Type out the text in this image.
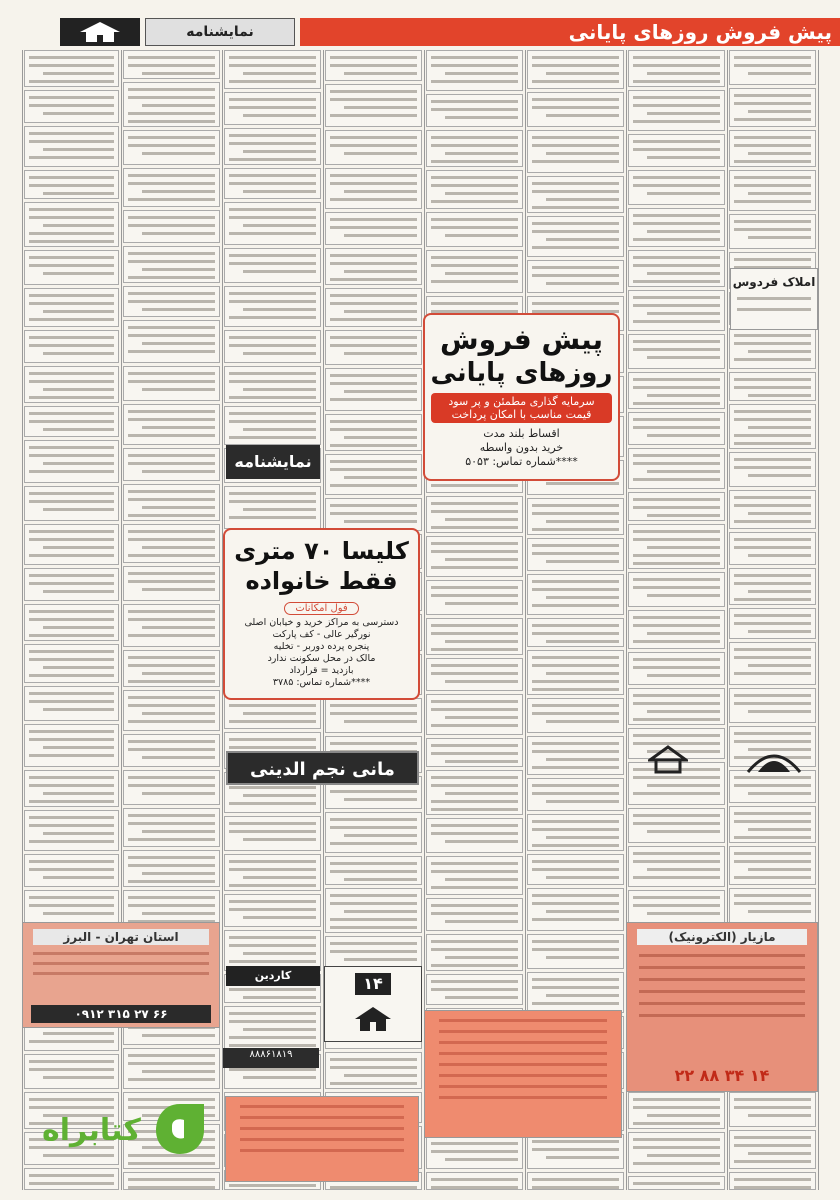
نمایشنامه	پیش فروش روزهای پایانی
پیش فروش
روزهای پایانی
سرمایه گذاری مطمئن و پر سود
قیمت مناسب با امکان پرداخت
اقساط بلند مدت
خرید بدون واسطه
شماره تماس: ۵۰۵۳****
نمایشنامه
کلیسا ۷۰ متری
فقط خانواده
فول امکانات
دسترسی به مراکز خرید و خیابان اصلی
نورگیر عالی - کف پارکت
پنجره پرده دوربر - تخلیه
مالک در محل سکونت ندارد
بازدید = قرارداد
شماره تماس: ۳۷۸۵****
مانی نجم الدینی
استان تهران - البرز
۰۹۱۲ ۳۱۵ ۲۷ ۶۶
مازیار (الکترونیک)
۲۲ ۸۸ ۳۴ ۱۴
۸۸۸۶۱۸۱۹
۱۴
کاردین
املاک فردوس
کتابراه
